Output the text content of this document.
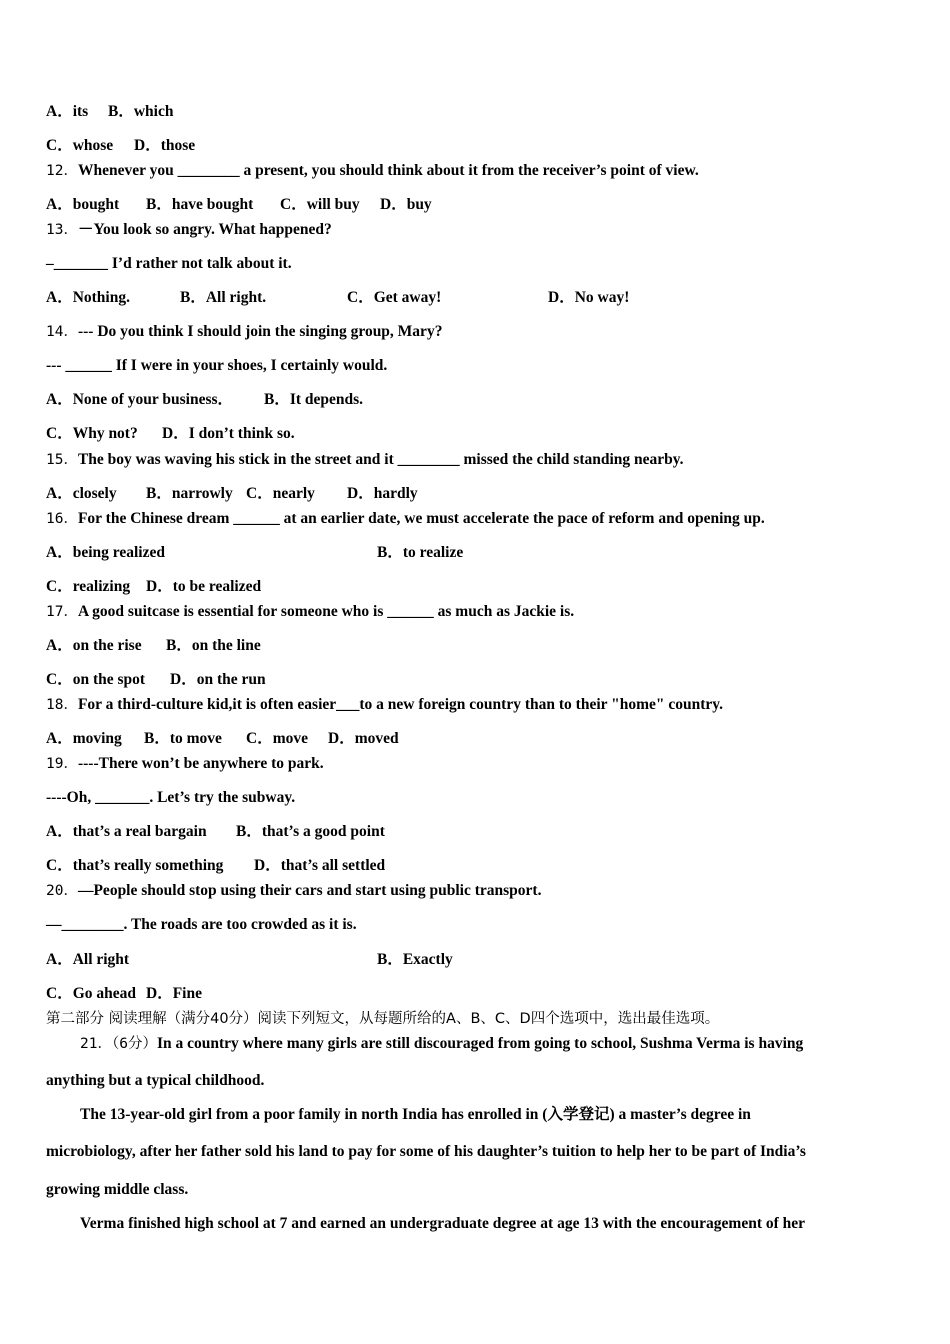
A．its B．which
C．whose D．those
12．Whenever you ________ a present, you should think about it from the receiver’s point of view.
A．bought B．have bought C．will buy D．buy
13．－You look so angry. What happened?
–_______ I’d rather not talk about it.
A．Nothing.	B．All right.	C．Get away!	D．No way!
14．--- Do you think I should join the singing group, Mary?
--- ______ If I were in your shoes, I certainly would.
A．None of your business． B．It depends.
C．Why not? D．I don’t think so.
15．The boy was waving his stick in the street and it ________ missed the child standing nearby.
A．closely B．narrowly C．nearly D．hardly
16．For the Chinese dream ______ at an earlier date, we must accelerate the pace of reform and opening up.
A．being realized	B．to realize
C．realizing D．to be realized
17．A good suitcase is essential for someone who is ______ as much as Jackie is.
A．on the rise B．on the line
C．on the spot D．on the run
18．For a third-culture kid,it is often easier___to a new foreign country than to their "home" country.
A．moving B．to move C．move D．moved
19．----There won’t be anywhere to park.
----Oh, _______. Let’s try the subway.
A．that’s a real bargain B．that’s a good point
C．that’s really something D．that’s all settled
20．—People should stop using their cars and start using public transport.
—________. The roads are too crowded as it is.
A．All right	B．Exactly
C．Go ahead D．Fine
第二部分 阅读理解（满分40分）阅读下列短文，从每题所给的A、B、C、D四个选项中，选出最佳选项。
21．（6分）In a country where many girls are still discouraged from going to school, Sushma Verma is having
anything but a typical childhood.
The 13-year-old girl from a poor family in north India has enrolled in (入学登记) a master’s degree in
microbiology, after her father sold his land to pay for some of his daughter’s tuition to help her to be part of India’s
growing middle class.
Verma finished high school at 7 and earned an undergraduate degree at age 13 with the encouragement of her
